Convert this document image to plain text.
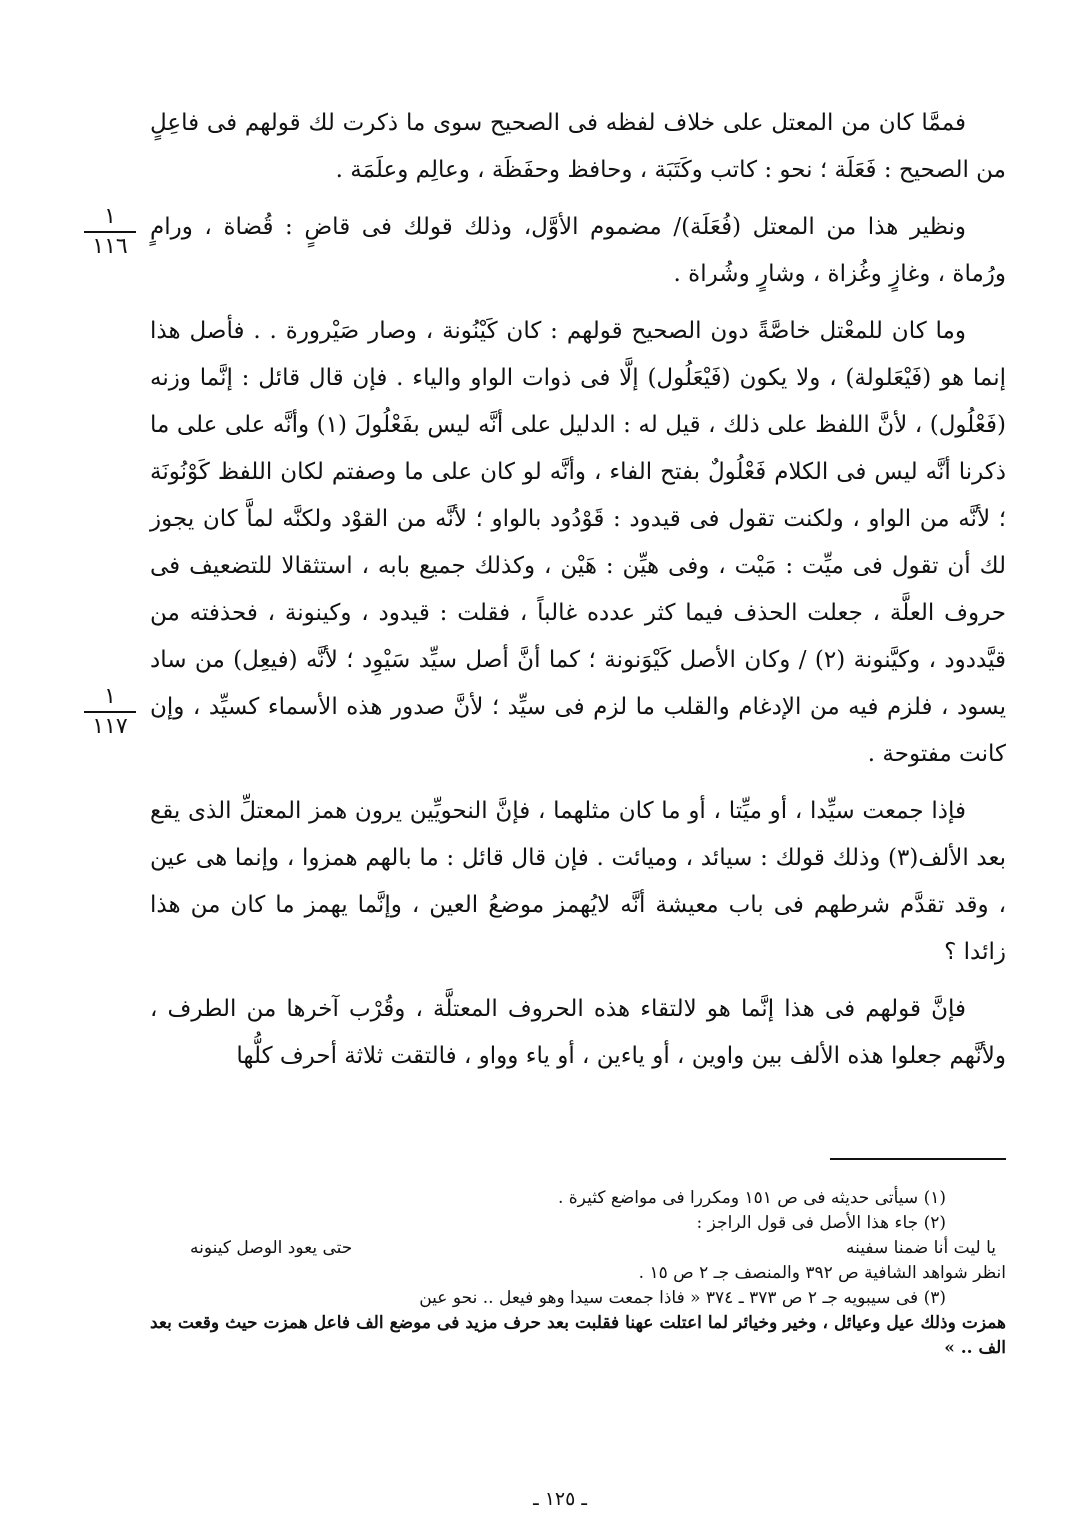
فممَّا كان من المعتل على خلاف لفظه فى الصحيح سوى ما ذكرت لك قولهم فى فاعِلٍ من الصحيح : فَعَلَة ؛ نحو : كاتب وكَتَبَة ، وحافظ وحفَظَة ، وعالِم وعلَمَة .

ونظير هذا من المعتل (فُعَلَة)/ مضموم الأوَّل، وذلك قولك فى قاضٍ : قُضاة ، ورامٍ ورُماة ، وغازٍ وغُزاة ، وشارٍ وشُراة .

وما كان للمعْتل خاصَّةً دون الصحيح قولهم : كان كَيْنُونة ، وصار صَيْرورة . . فأصل هذا إنما هو (فَيْعَلولة) ، ولا يكون (فَيْعَلُول) إلَّا فى ذوات الواو والياء . فإن قال قائل : إنَّما وزنه (فَعْلُول) ، لأنَّ اللفظ على ذلك ، قيل له : الدليل على أنَّه ليس بفَعْلُولَ (١) وأنَّه على على ما ذكرنا أنَّه ليس فى الكلام فَعْلُولٌ بفتح الفاء ، وأنَّه لو كان على ما وصفتم لكان اللفظ كَوْنُونَة ؛ لأنَّه من الواو ، ولكنت تقول فى قيدود : قَوْدُود بالواو ؛ لأنَّه من القوْد ولكنَّه لماَّ كان يجوز لك أن تقول فى ميِّت : مَيْت ، وفى هيِّن : هَيْن ، وكذلك جميع بابه ، استثقالا للتضعيف فى حروف العلَّة ، جعلت الحذف فيما كثر عدده غالباً ، فقلت : قيدود ، وكينونة ، فحذفته من قيَّددود ، وكيَّنونة (٢) / وكان الأصل كَيْوَنونة ؛ كما أنَّ أصل سيِّد سَيْوِد ؛ لأنَّه (فيعِل) من ساد يسود ، فلزم فيه من الإدغام والقلب ما لزم فى سيِّد ؛ لأنَّ صدور هذه الأسماء كسيِّد ، وإن كانت مفتوحة .

فإذا جمعت سيِّدا ، أو ميِّتا ، أو ما كان مثلهما ، فإنَّ النحويِّين يرون همز المعتلِّ الذى يقع بعد الألف(٣) وذلك قولك : سيائد ، وميائت . فإن قال قائل : ما بالهم همزوا ، وإنما هى عين ، وقد تقدَّم شرطهم فى باب معيشة أنَّه لايُهمز موضعُ العين ، وإنَّما يهمز ما كان من هذا زائدا ؟

فإنَّ قولهم فى هذا إنَّما هو لالتقاء هذه الحروف المعتلَّة ، وقُرْب آخرها من الطرف ، ولأنَّهم جعلوا هذه الألف بين واوين ، أو ياءين ، أو ياء وواو ، فالتقت ثلاثة أحرف كلُّها

١
١١٦
١
١١٧

(١) سيأتى حديثه فى ص ١٥١ ومكررا فى مواضع كثيرة .

(٢) جاء هذا الأصل فى قول الراجز :

يا ليت أنا ضمنا سفينه
حتى يعود الوصل كينونه

انظر شواهد الشافية ص ٣٩٢ والمنصف جـ ٢ ص ١٥ .

(٣) فى سيبويه جـ ٢ ص ٣٧٣ ـ ٣٧٤ « فاذا جمعت سيدا وهو فيعل .. نحو عين

همزت وذلك عيل وعيائل ، وخير وخيائر لما اعتلت عهنا فقلبت بعد حرف مزيد فى موضع الف فاعل همزت حيث وقعت بعد الف .. »

ـ ١٢٥ ـ
